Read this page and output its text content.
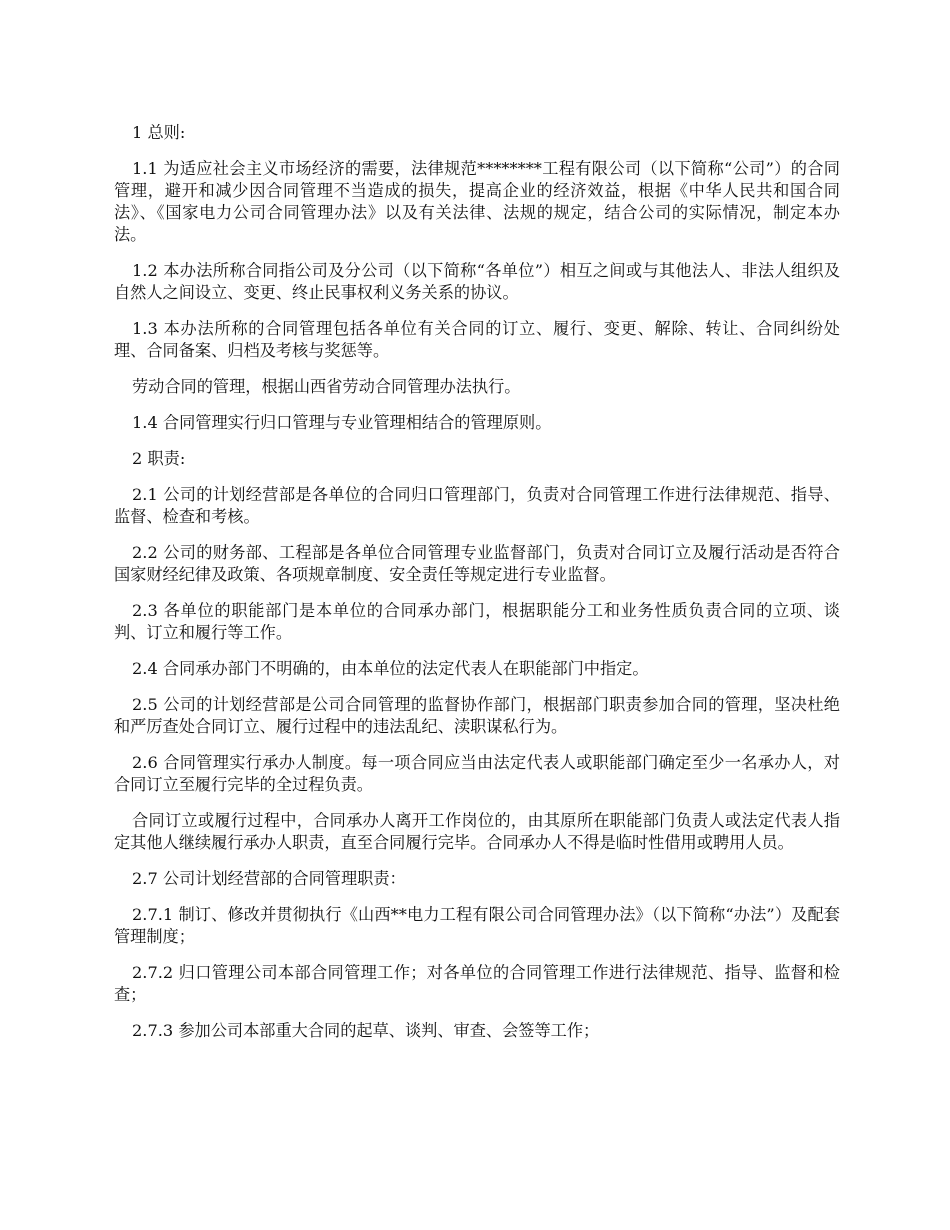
1 总则:

1.1 为适应社会主义市场经济的需要，法律规范********工程有限公司（以下简称“公司”）的合同管理，避开和减少因合同管理不当造成的损失，提高企业的经济效益，根据《中华人民共和国合同法》、《国家电力公司合同管理办法》以及有关法律、法规的规定，结合公司的实际情况，制定本办法。

1.2 本办法所称合同指公司及分公司（以下简称“各单位”）相互之间或与其他法人、非法人组织及自然人之间设立、变更、终止民事权利义务关系的协议。

1.3 本办法所称的合同管理包括各单位有关合同的订立、履行、变更、解除、转让、合同纠纷处理、合同备案、归档及考核与奖惩等。

劳动合同的管理，根据山西省劳动合同管理办法执行。

1.4 合同管理实行归口管理与专业管理相结合的管理原则。

2 职责:

2.1 公司的计划经营部是各单位的合同归口管理部门，负责对合同管理工作进行法律规范、指导、监督、检查和考核。

2.2 公司的财务部、工程部是各单位合同管理专业监督部门，负责对合同订立及履行活动是否符合国家财经纪律及政策、各项规章制度、安全责任等规定进行专业监督。

2.3 各单位的职能部门是本单位的合同承办部门，根据职能分工和业务性质负责合同的立项、谈判、订立和履行等工作。

2.4 合同承办部门不明确的，由本单位的法定代表人在职能部门中指定。

2.5 公司的计划经营部是公司合同管理的监督协作部门，根据部门职责参加合同的管理，坚决杜绝和严厉查处合同订立、履行过程中的违法乱纪、渎职谋私行为。

2.6 合同管理实行承办人制度。每一项合同应当由法定代表人或职能部门确定至少一名承办人，对合同订立至履行完毕的全过程负责。

合同订立或履行过程中，合同承办人离开工作岗位的，由其原所在职能部门负责人或法定代表人指定其他人继续履行承办人职责，直至合同履行完毕。合同承办人不得是临时性借用或聘用人员。

2.7 公司计划经营部的合同管理职责：

2.7.1 制订、修改并贯彻执行《山西**电力工程有限公司合同管理办法》（以下简称“办法”）及配套管理制度；

2.7.2 归口管理公司本部合同管理工作；对各单位的合同管理工作进行法律规范、指导、监督和检查；

2.7.3 参加公司本部重大合同的起草、谈判、审查、会签等工作；
